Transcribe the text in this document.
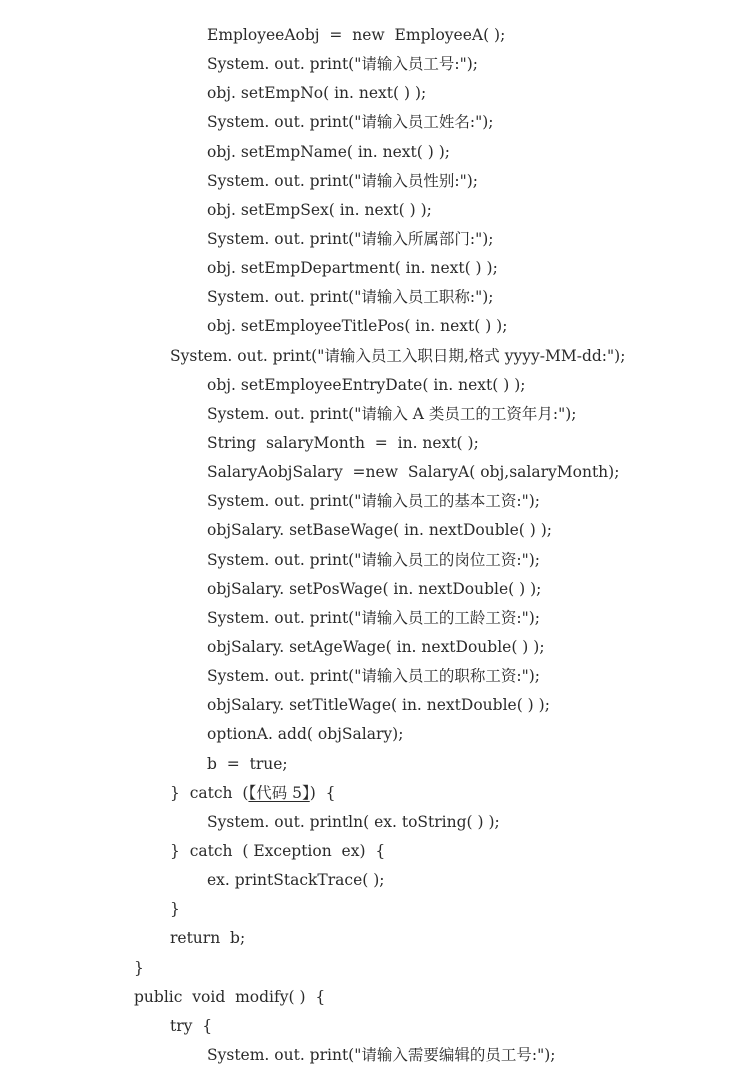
EmployeeAobj  =  new  EmployeeA( );
System. out. print("请输入员工号:");
obj. setEmpNo( in. next( ) );
System. out. print("请输入员工姓名:");
obj. setEmpName( in. next( ) );
System. out. print("请输入员性别:");
obj. setEmpSex( in. next( ) );
System. out. print("请输入所属部门:");
obj. setEmpDepartment( in. next( ) );
System. out. print("请输入员工职称:");
obj. setEmployeeTitlePos( in. next( ) );
System. out. print("请输入员工入职日期,格式 yyyy-MM-dd:");
obj. setEmployeeEntryDate( in. next( ) );
System. out. print("请输入 A 类员工的工资年月:");
String  salaryMonth  =  in. next( );
SalaryAobjSalary  =new  SalaryA( obj,salaryMonth);
System. out. print("请输入员工的基本工资:");
objSalary. setBaseWage( in. nextDouble( ) );
System. out. print("请输入员工的岗位工资:");
objSalary. setPosWage( in. nextDouble( ) );
System. out. print("请输入员工的工龄工资:");
objSalary. setAgeWage( in. nextDouble( ) );
System. out. print("请输入员工的职称工资:");
objSalary. setTitleWage( in. nextDouble( ) );
optionA. add( objSalary);
b  =  true;
}  catch  (【代码 5】)  {
System. out. println( ex. toString( ) );
}  catch  ( Exception  ex)  {
ex. printStackTrace( );
}
return  b;
}
public  void  modify( )  {
try  {
System. out. print("请输入需要编辑的员工号:");
